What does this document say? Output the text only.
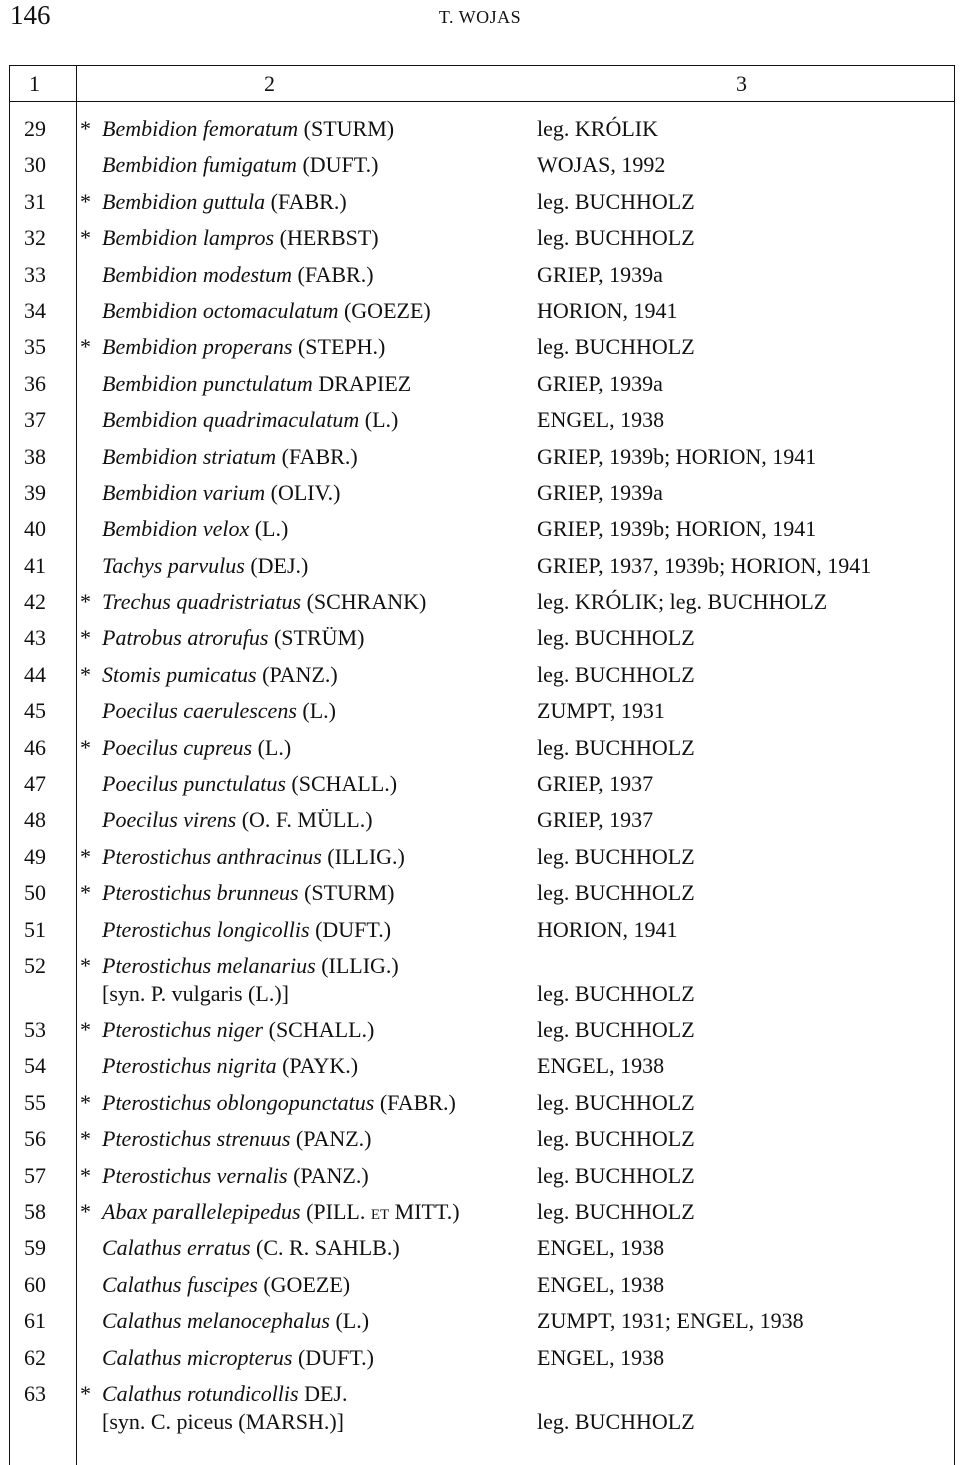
146	T. WOJAS
1	2	3
29 * Bembidion femoratum (STURM)	leg. KRÓLIK
30	Bembidion fumigatum (DUFT.)	WOJAS, 1992
31 * Bembidion guttula (FABR.)	leg. BUCHHOLZ
32 * Bembidion lampros (HERBST)	leg. BUCHHOLZ
33	Bembidion modestum (FABR.)	GRIEP, 1939a
34	Bembidion octomaculatum (GOEZE)	HORION, 1941
35 * Bembidion properans (STEPH.)	leg. BUCHHOLZ
36	Bembidion punctulatum DRAPIEZ	GRIEP, 1939a
37	Bembidion quadrimaculatum (L.)	ENGEL, 1938
38	Bembidion striatum (FABR.)	GRIEP, 1939b; HORION, 1941
39	Bembidion varium (OLIV.)	GRIEP, 1939a
40	Bembidion velox (L.)	GRIEP, 1939b; HORION, 1941
41	Tachys parvulus (DEJ.)	GRIEP, 1937, 1939b; HORION, 1941
42 * Trechus quadristriatus (SCHRANK)	leg. KRÓLIK; leg. BUCHHOLZ
43 * Patrobus atrorufus (STRÜM)	leg. BUCHHOLZ
44 * Stomis pumicatus (PANZ.)	leg. BUCHHOLZ
45	Poecilus caerulescens (L.)	ZUMPT, 1931
46 * Poecilus cupreus (L.)	leg. BUCHHOLZ
47	Poecilus punctulatus (SCHALL.)	GRIEP, 1937
48	Poecilus virens (O. F. MÜLL.)	GRIEP, 1937
49 * Pterostichus anthracinus (ILLIG.)	leg. BUCHHOLZ
50 * Pterostichus brunneus (STURM)	leg. BUCHHOLZ
51	Pterostichus longicollis (DUFT.)	HORION, 1941
52 * Pterostichus melanarius (ILLIG.)
[syn. P. vulgaris (L.)]	leg. BUCHHOLZ
53 * Pterostichus niger (SCHALL.)	leg. BUCHHOLZ
54	Pterostichus nigrita (PAYK.)	ENGEL, 1938
55 * Pterostichus oblongopunctatus (FABR.)	leg. BUCHHOLZ
56 * Pterostichus strenuus (PANZ.)	leg. BUCHHOLZ
57 * Pterostichus vernalis (PANZ.)	leg. BUCHHOLZ
58 * Abax parallelepipedus (PILL. et MITT.)	leg. BUCHHOLZ
59	Calathus erratus (C. R. SAHLB.)	ENGEL, 1938
60	Calathus fuscipes (GOEZE)	ENGEL, 1938
61	Calathus melanocephalus (L.)	ZUMPT, 1931; ENGEL, 1938
62	Calathus micropterus (DUFT.)	ENGEL, 1938
63 * Calathus rotundicollis DEJ.
[syn. C. piceus (MARSH.)]	leg. BUCHHOLZ
